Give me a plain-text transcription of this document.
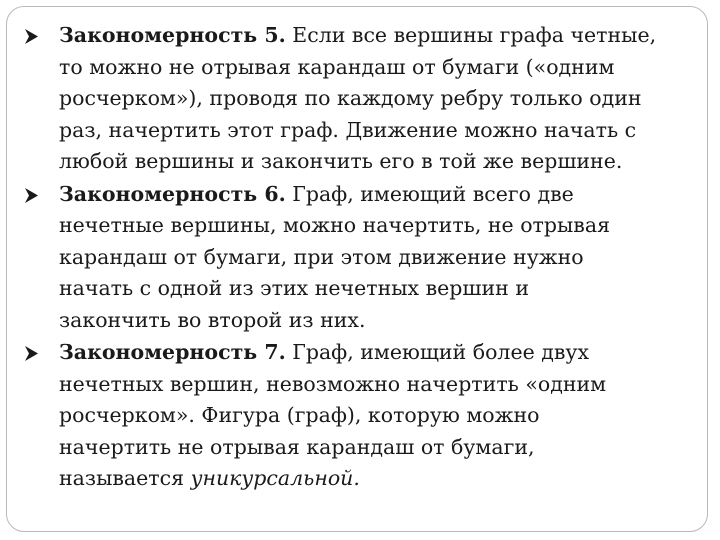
Закономерность 5. Если все вершины графа четные,
то можно не отрывая карандаш от бумаги («одним
росчерком»), проводя по каждому ребру только один
раз, начертить этот граф. Движение можно начать с
любой вершины и закончить его в той же вершине.
Закономерность 6. Граф, имеющий всего две
нечетные вершины, можно начертить, не отрывая
карандаш от бумаги, при этом движение нужно
начать с одной из этих нечетных вершин и
закончить во второй из них.
Закономерность 7. Граф, имеющий более двух
нечетных вершин, невозможно начертить «одним
росчерком». Фигура (граф), которую можно
начертить не отрывая карандаш от бумаги,
называется уникурсальной.
